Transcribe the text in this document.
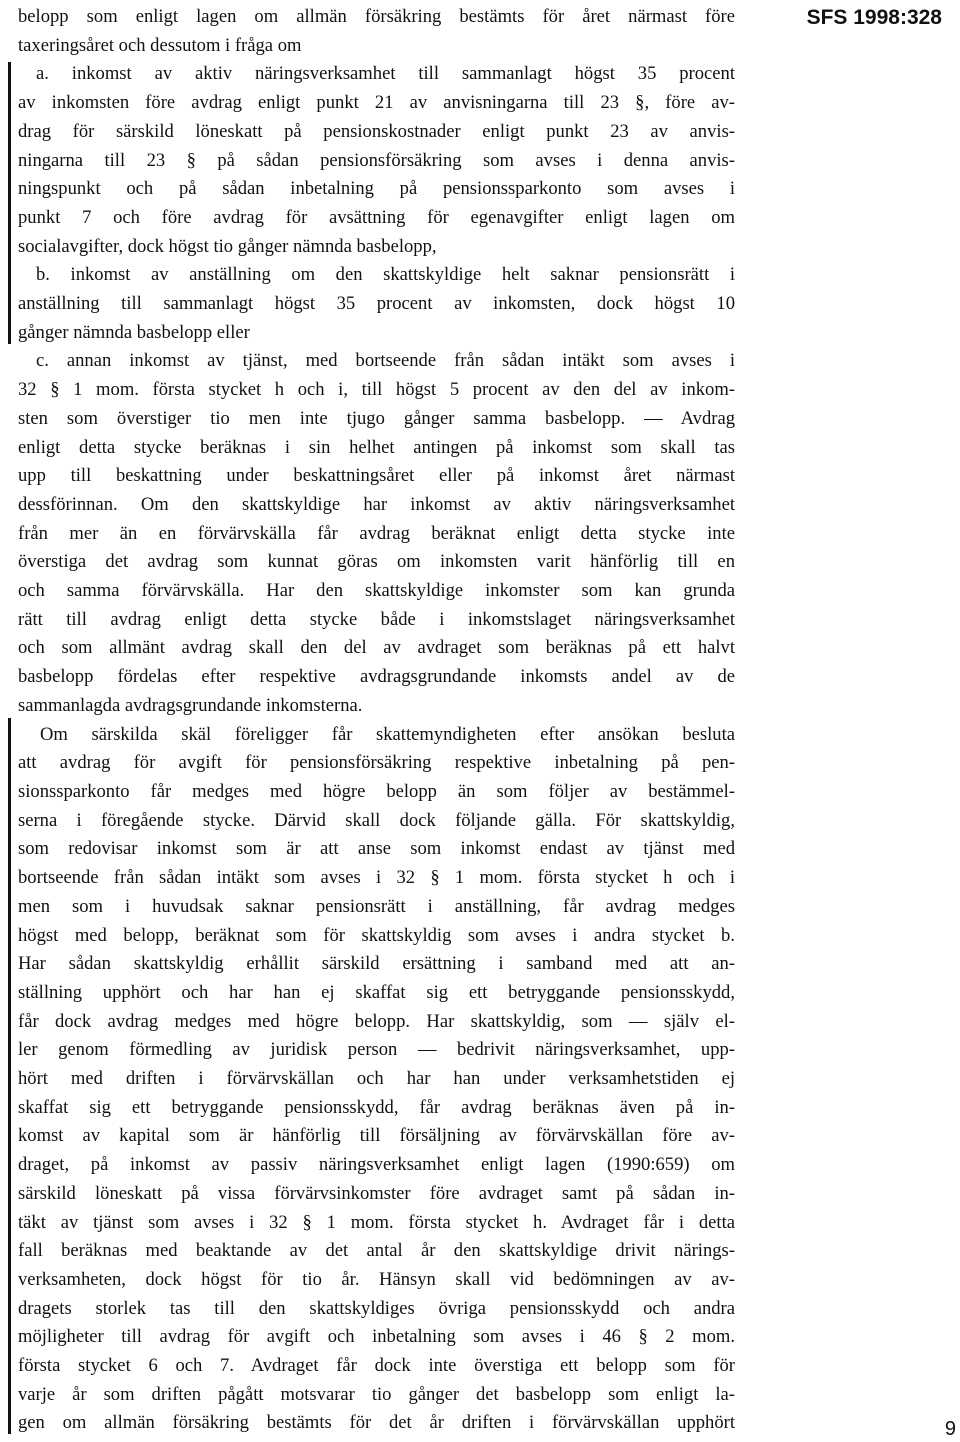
SFS 1998:328
belopp som enligt lagen om allmän försäkring bestämts för året närmast före
taxeringsåret och dessutom i fråga om
a. inkomst av aktiv näringsverksamhet till sammanlagt högst 35 procent
av inkomsten före avdrag enligt punkt 21 av anvisningarna till 23 §, före av-
drag för särskild löneskatt på pensionskostnader enligt punkt 23 av anvis-
ningarna till 23 § på sådan pensionsförsäkring som avses i denna anvis-
ningspunkt och på sådan inbetalning på pensionssparkonto som avses i
punkt 7 och före avdrag för avsättning för egenavgifter enligt lagen om
socialavgifter, dock högst tio gånger nämnda basbelopp,
b. inkomst av anställning om den skattskyldige helt saknar pensionsrätt i
anställning till sammanlagt högst 35 procent av inkomsten, dock högst 10
gånger nämnda basbelopp eller
c. annan inkomst av tjänst, med bortseende från sådan intäkt som avses i
32 § 1 mom. första stycket h och i, till högst 5 procent av den del av inkom-
sten som överstiger tio men inte tjugo gånger samma basbelopp. — Avdrag
enligt detta stycke beräknas i sin helhet antingen på inkomst som skall tas
upp till beskattning under beskattningsåret eller på inkomst året närmast
dessförinnan. Om den skattskyldige har inkomst av aktiv näringsverksamhet
från mer än en förvärvskälla får avdrag beräknat enligt detta stycke inte
överstiga det avdrag som kunnat göras om inkomsten varit hänförlig till en
och samma förvärvskälla. Har den skattskyldige inkomster som kan grunda
rätt till avdrag enligt detta stycke både i inkomstslaget näringsverksamhet
och som allmänt avdrag skall den del av avdraget som beräknas på ett halvt
basbelopp fördelas efter respektive avdragsgrundande inkomsts andel av de
sammanlagda avdragsgrundande inkomsterna.
Om särskilda skäl föreligger får skattemyndigheten efter ansökan besluta
att avdrag för avgift för pensionsförsäkring respektive inbetalning på pen-
sionssparkonto får medges med högre belopp än som följer av bestämmel-
serna i föregående stycke. Därvid skall dock följande gälla. För skattskyldig,
som redovisar inkomst som är att anse som inkomst endast av tjänst med
bortseende från sådan intäkt som avses i 32 § 1 mom. första stycket h och i
men som i huvudsak saknar pensionsrätt i anställning, får avdrag medges
högst med belopp, beräknat som för skattskyldig som avses i andra stycket b.
Har sådan skattskyldig erhållit särskild ersättning i samband med att an-
ställning upphört och har han ej skaffat sig ett betryggande pensionsskydd,
får dock avdrag medges med högre belopp. Har skattskyldig, som — själv el-
ler genom förmedling av juridisk person — bedrivit näringsverksamhet, upp-
hört med driften i förvärvskällan och har han under verksamhetstiden ej
skaffat sig ett betryggande pensionsskydd, får avdrag beräknas även på in-
komst av kapital som är hänförlig till försäljning av förvärvskällan före av-
draget, på inkomst av passiv näringsverksamhet enligt lagen (1990:659) om
särskild löneskatt på vissa förvärvsinkomster före avdraget samt på sådan in-
täkt av tjänst som avses i 32 § 1 mom. första stycket h. Avdraget får i detta
fall beräknas med beaktande av det antal år den skattskyldige drivit närings-
verksamheten, dock högst för tio år. Hänsyn skall vid bedömningen av av-
dragets storlek tas till den skattskyldiges övriga pensionsskydd och andra
möjligheter till avdrag för avgift och inbetalning som avses i 46 § 2 mom.
första stycket 6 och 7. Avdraget får dock inte överstiga ett belopp som för
varje år som driften pågått motsvarar tio gånger det basbelopp som enligt la-
gen om allmän försäkring bestämts för det år driften i förvärvskällan upphört	9
